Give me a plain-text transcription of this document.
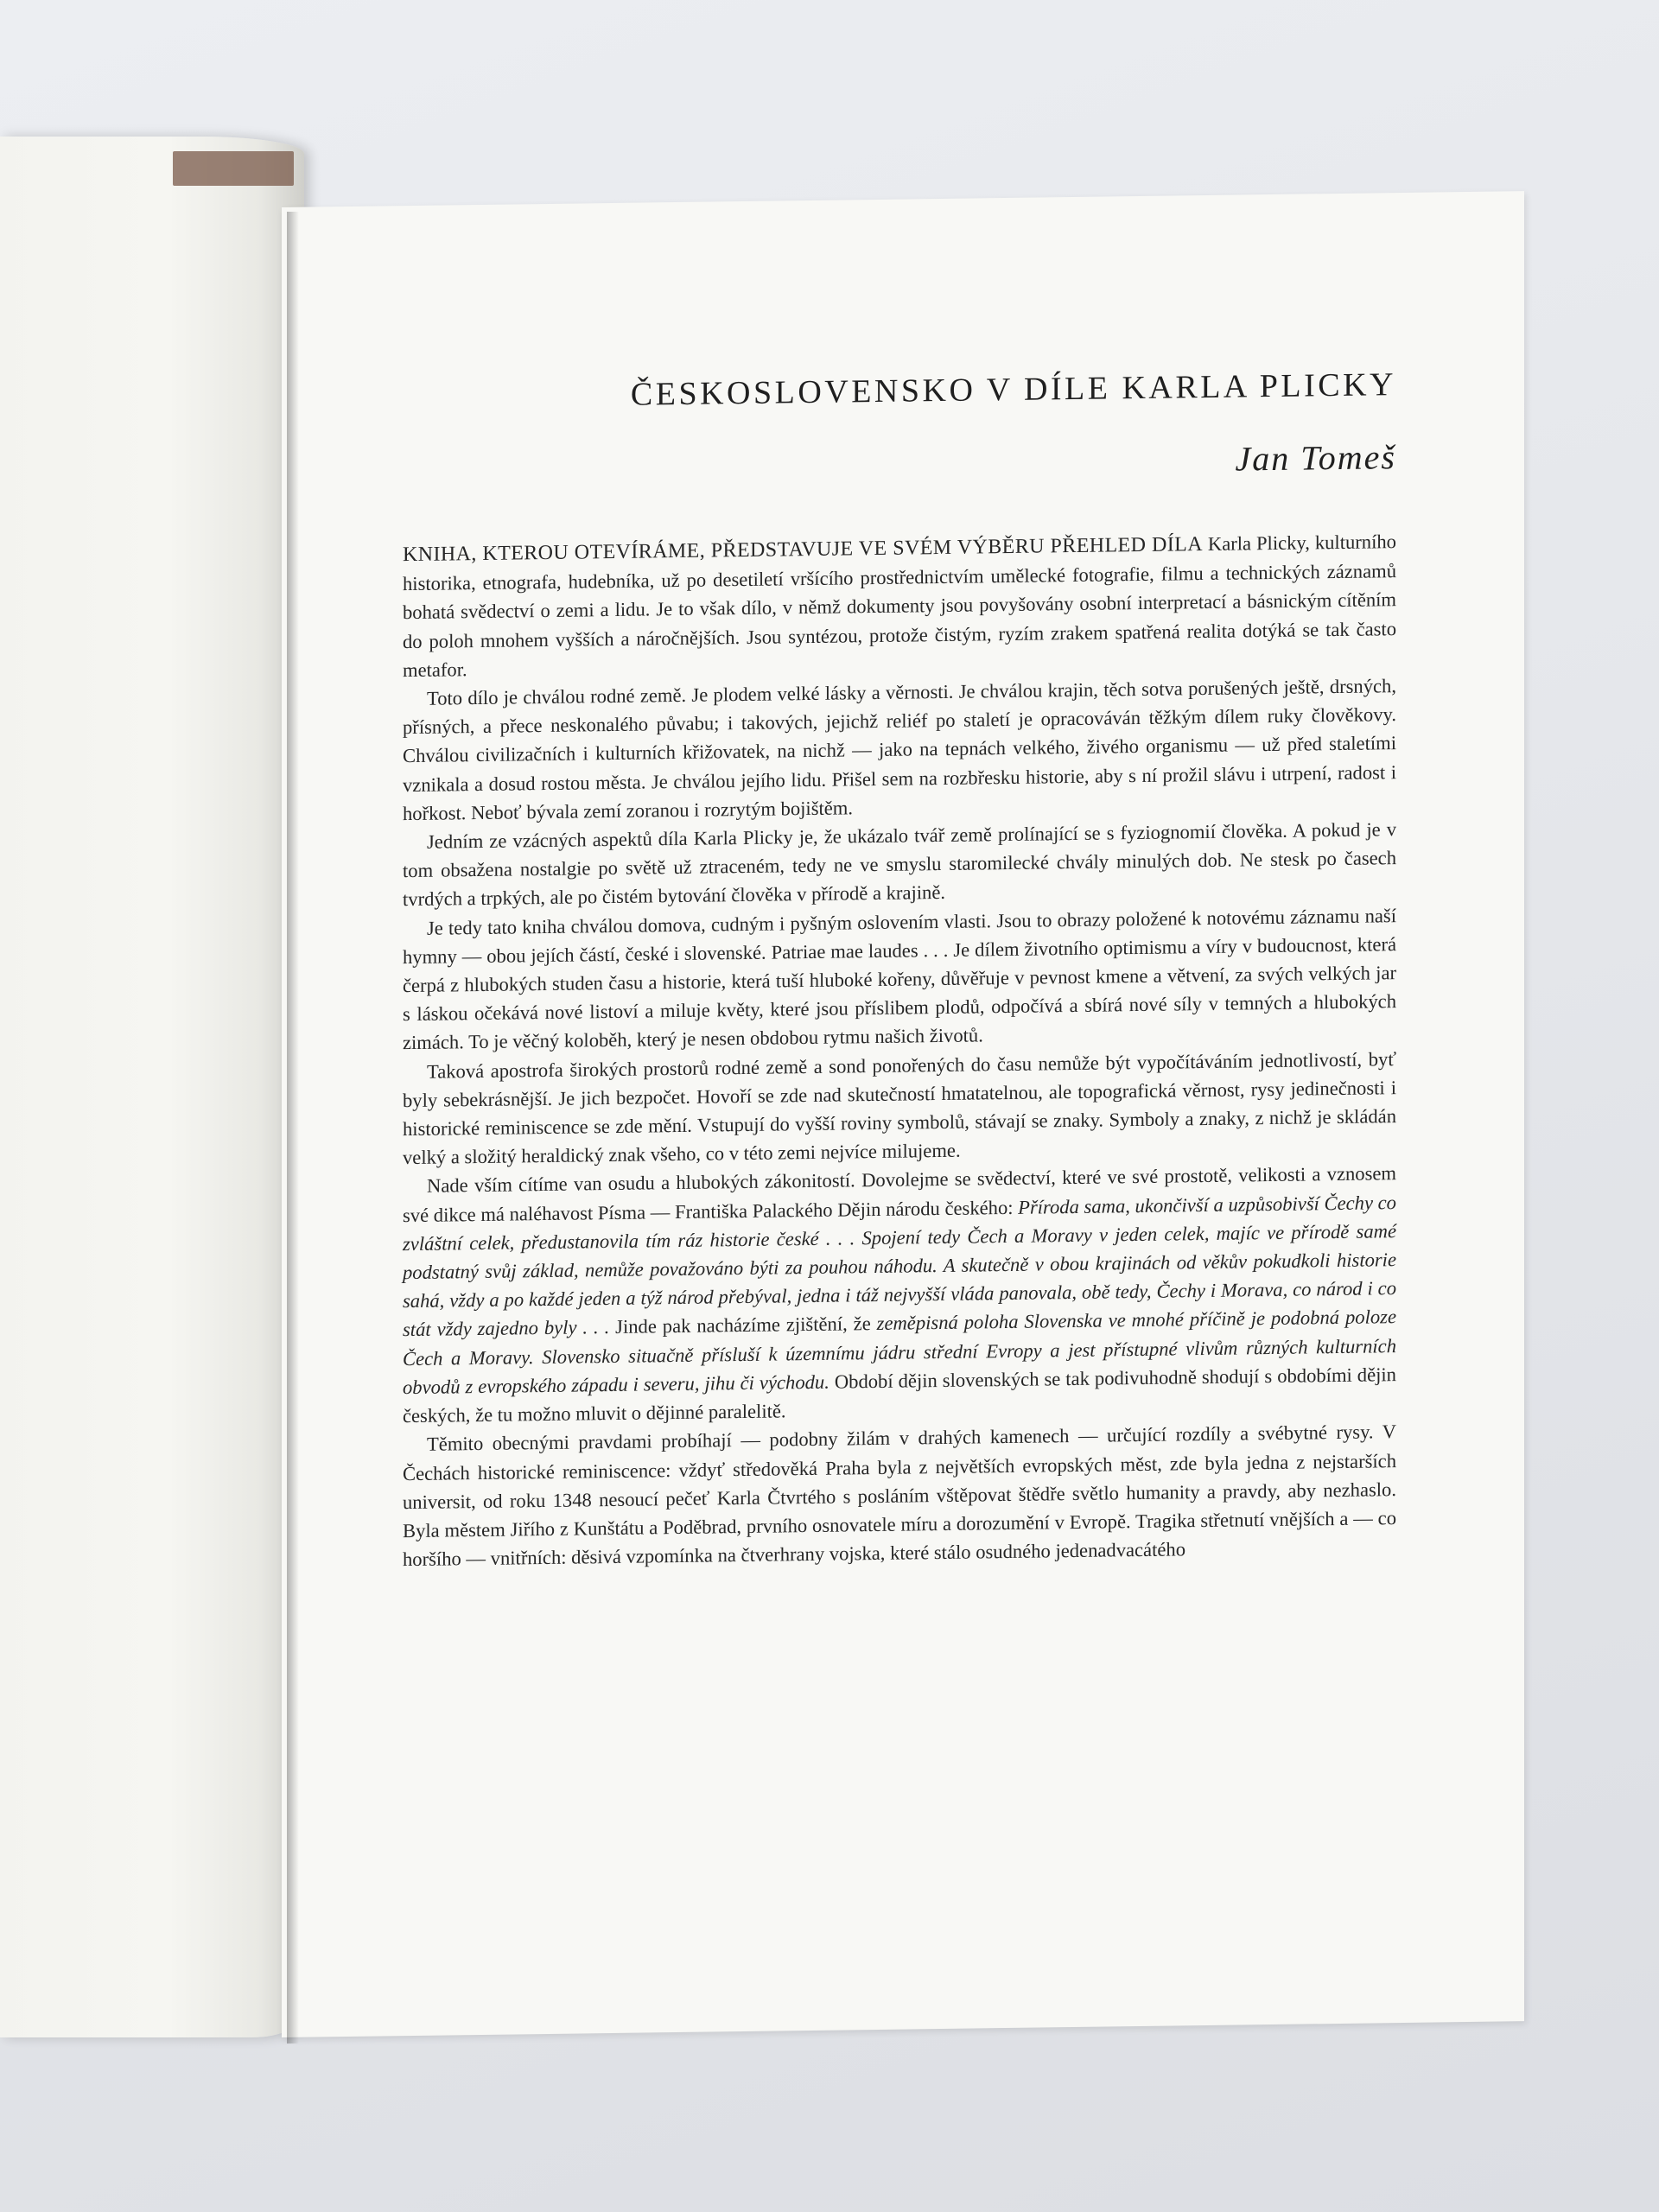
ČESKOSLOVENSKO V DÍLE KARLA PLICKY
Jan Tomeš

KNIHA, KTEROU OTEVÍRÁME, PŘEDSTAVUJE VE SVÉM VÝBĚRU PŘEHLED DÍLA Karla Plicky, kulturního historika, etnografa, hudebníka, už po desetiletí vršícího prostřednictvím umělecké fotografie, filmu a technických záznamů bohatá svědectví o zemi a lidu. Je to však dílo, v němž dokumenty jsou povyšovány osobní interpretací a básnickým cítěním do poloh mnohem vyšších a náročnějších. Jsou syntézou, protože čistým, ryzím zrakem spatřená realita dotýká se tak často metafor.

Toto dílo je chválou rodné země. Je plodem velké lásky a věrnosti. Je chválou krajin, těch sotva porušených ještě, drsných, přísných, a přece neskonalého půvabu; i takových, jejichž reliéf po staletí je opracováván těžkým dílem ruky člověkovy. Chválou civilizačních i kulturních křižovatek, na nichž — jako na tepnách velkého, živého organismu — už před staletími vznikala a dosud rostou města. Je chválou jejího lidu. Přišel sem na rozbřesku historie, aby s ní prožil slávu i utrpení, radost i hořkost. Neboť bývala zemí zoranou i rozrytým bojištěm.

Jedním ze vzácných aspektů díla Karla Plicky je, že ukázalo tvář země prolínající se s fyziognomií člověka. A pokud je v tom obsažena nostalgie po světě už ztraceném, tedy ne ve smyslu staromilecké chvály minulých dob. Ne stesk po časech tvrdých a trpkých, ale po čistém bytování člověka v přírodě a krajině.

Je tedy tato kniha chválou domova, cudným i pyšným oslovením vlasti. Jsou to obrazy položené k notovému záznamu naší hymny — obou jejích částí, české i slovenské. Patriae mae laudes . . . Je dílem životního optimismu a víry v budoucnost, která čerpá z hlubokých studen času a historie, která tuší hluboké kořeny, důvěřuje v pevnost kmene a větvení, za svých velkých jar s láskou očekává nové listoví a miluje květy, které jsou příslibem plodů, odpočívá a sbírá nové síly v temných a hlubokých zimách. To je věčný koloběh, který je nesen obdobou rytmu našich životů.

Taková apostrofa širokých prostorů rodné země a sond ponořených do času nemůže být vypočítáváním jednotlivostí, byť byly sebekrásnější. Je jich bezpočet. Hovoří se zde nad skutečností hmatatelnou, ale topografická věrnost, rysy jedinečnosti i historické reminiscence se zde mění. Vstupují do vyšší roviny symbolů, stávají se znaky. Symboly a znaky, z nichž je skládán velký a složitý heraldický znak všeho, co v této zemi nejvíce milujeme.

Nade vším cítíme van osudu a hlubokých zákonitostí. Dovolejme se svědectví, které ve své prostotě, velikosti a vznosem své dikce má naléhavost Písma — Františka Palackého Dějin národu českého: Příroda sama, ukončivší a uzpůsobivší Čechy co zvláštní celek, předustanovila tím ráz historie české . . . Spojení tedy Čech a Moravy v jeden celek, majíc ve přírodě samé podstatný svůj základ, nemůže považováno býti za pouhou náhodu. A skutečně v obou krajinách od věkův pokudkoli historie sahá, vždy a po každé jeden a týž národ přebýval, jedna i táž nejvyšší vláda panovala, obě tedy, Čechy i Morava, co národ i co stát vždy zajedno byly . . . Jinde pak nacházíme zjištění, že zeměpisná poloha Slovenska ve mnohé příčině je podobná poloze Čech a Moravy. Slovensko situačně přísluší k územnímu jádru střední Evropy a jest přístupné vlivům různých kulturních obvodů z evropského západu i severu, jihu či východu. Období dějin slovenských se tak podivuhodně shodují s obdobími dějin českých, že tu možno mluvit o dějinné paralelitě.

Těmito obecnými pravdami probíhají — podobny žilám v drahých kamenech — určující rozdíly a svébytné rysy. V Čechách historické reminiscence: vždyť středověká Praha byla z největších evropských měst, zde byla jedna z nejstarších universit, od roku 1348 nesoucí pečeť Karla Čtvrtého s posláním vštěpovat štědře světlo humanity a pravdy, aby nezhaslo. Byla městem Jiřího z Kunštátu a Poděbrad, prvního osnovatele míru a dorozumění v Evropě. Tragika střetnutí vnějších a — co horšího — vnitřních: děsivá vzpomínka na čtverhrany vojska, které stálo osudného jedenadvacátého
